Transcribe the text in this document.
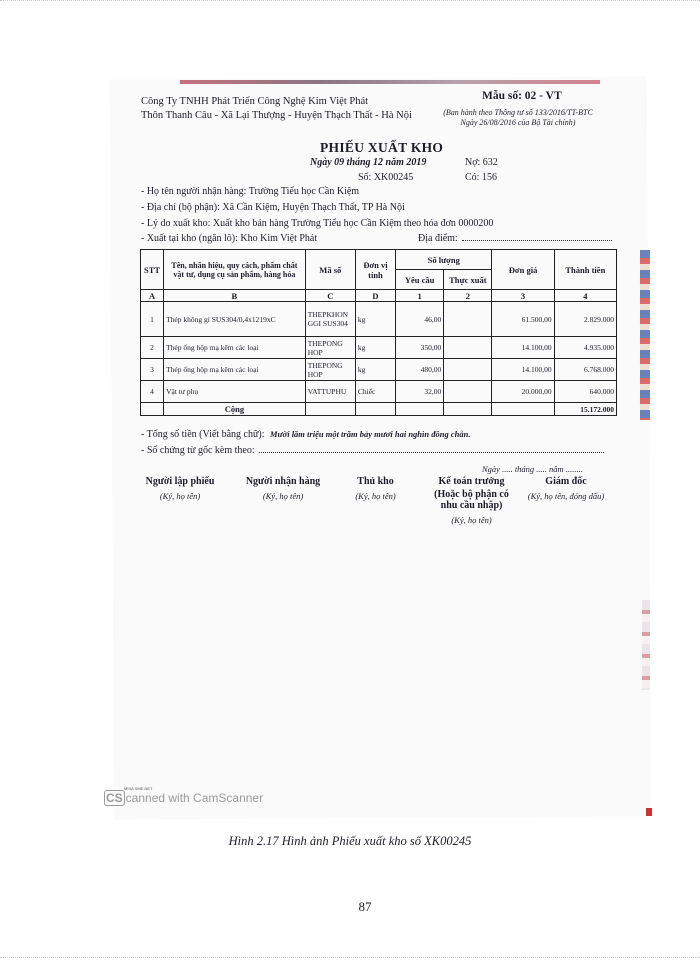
Công Ty TNHH Phát Triển Công Nghệ Kim Việt Phát
Thôn Thanh Câu - Xã Lại Thượng - Huyện Thạch Thất - Hà Nội
Mẫu số: 02 - VT
(Ban hành theo Thông tư số 133/2016/TT-BTC
Ngày 26/08/2016 của Bộ Tài chính)
PHIẾU XUẤT KHO
Ngày 09 tháng 12 năm 2019
Số: XK00245
Nợ: 632
Có: 156
- Họ tên người nhận hàng: Trường Tiểu học Cần Kiệm
- Địa chỉ (bộ phận): Xã Cần Kiệm, Huyện Thạch Thất, TP Hà Nội
- Lý do xuất kho: Xuất kho bán hàng Trường Tiểu học Cần Kiệm theo hóa đơn 0000200
- Xuất tại kho (ngăn lô): Kho Kim Việt Phát	Địa điểm:
STT	Tên, nhãn hiệu, quy cách, phẩm chất vật tư, dụng cụ sản phẩm, hàng hóa	Mã số	Đơn vị tính	Số lượng		Đơn giá	Thành tiền
				Yêu cầu	Thực xuất		
A	B	C	D	1	2	3	4
1	Thép không gỉ SUS304/0,4x1219xC	THEPKHONGGI SUS304	kg	46,00		61.500,00	2.829.000
2	Thép ống hộp mạ kẽm các loại	THEPONG HOP	kg	350,00		14.100,00	4.935.000
3	Thép ống hộp mạ kẽm các loại	THEPONG HOP	kg	480,00		14.100,00	6.768.000
4	Vật tư phụ	VATTUPHU	Chiếc	32,00		20.000,00	640.000
	Cộng						15.172.000
- Tổng số tiền (Viết bằng chữ): Mười lăm triệu một trăm bảy mươi hai nghìn đồng chẵn.
- Số chứng từ gốc kèm theo:
Ngày ..... tháng ..... năm ........
Người lập phiếu
(Ký, họ tên)
Người nhận hàng
(Ký, họ tên)
Thủ kho
(Ký, họ tên)
Kế toán trưởng
(Hoặc bộ phận có
nhu cầu nhập)
(Ký, họ tên)
Giám đốc
(Ký, họ tên, đóng dấu)
MISA SME.NET
CS canned with CamScanner
Hình 2.17 Hình ảnh Phiếu xuất kho số XK00245
87
